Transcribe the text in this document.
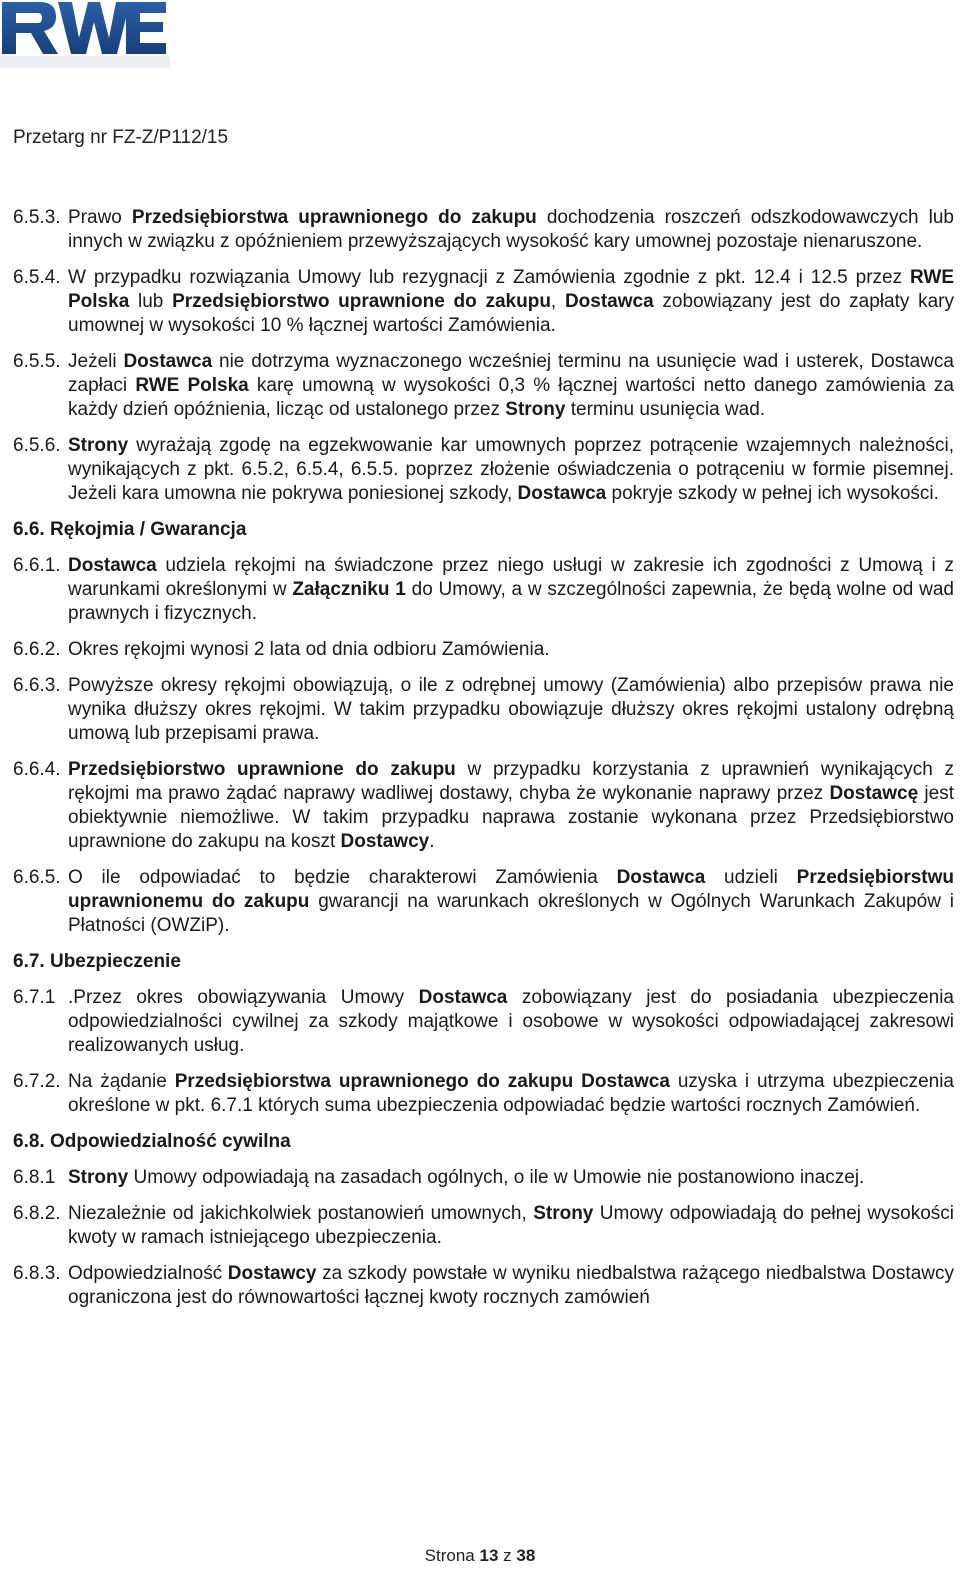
Przetarg nr FZ-Z/P112/15
6.5.3. Prawo Przedsiębiorstwa uprawnionego do zakupu dochodzenia roszczeń odszkodowawczych lub innych w związku z opóźnieniem przewyższających wysokość kary umownej pozostaje nienaruszone.
6.5.4. W przypadku rozwiązania Umowy lub rezygnacji z Zamówienia zgodnie z pkt. 12.4 i 12.5 przez RWE Polska lub Przedsiębiorstwo uprawnione do zakupu, Dostawca zobowiązany jest do zapłaty kary umownej w wysokości 10 % łącznej wartości Zamówienia.
6.5.5. Jeżeli Dostawca nie dotrzyma wyznaczonego wcześniej terminu na usunięcie wad i usterek, Dostawca zapłaci RWE Polska karę umowną w wysokości 0,3 % łącznej wartości netto danego zamówienia za każdy dzień opóźnienia, licząc od ustalonego przez Strony terminu usunięcia wad.
6.5.6. Strony wyrażają zgodę na egzekwowanie kar umownych poprzez potrącenie wzajemnych należności, wynikających z pkt. 6.5.2, 6.5.4, 6.5.5. poprzez złożenie oświadczenia o potrąceniu w formie pisemnej. Jeżeli kara umowna nie pokrywa poniesionej szkody, Dostawca pokryje szkody w pełnej ich wysokości.
6.6. Rękojmia / Gwarancja
6.6.1. Dostawca udziela rękojmi na świadczone przez niego usługi w zakresie ich zgodności z Umową i z warunkami określonymi w Załączniku 1 do Umowy, a w szczególności zapewnia, że będą wolne od wad prawnych i fizycznych.
6.6.2. Okres rękojmi wynosi 2 lata od dnia odbioru Zamówienia.
6.6.3. Powyższe okresy rękojmi obowiązują, o ile z odrębnej umowy (Zamówienia) albo przepisów prawa nie wynika dłuższy okres rękojmi. W takim przypadku obowiązuje dłuższy okres rękojmi ustalony odrębną umową lub przepisami prawa.
6.6.4. Przedsiębiorstwo uprawnione do zakupu w przypadku korzystania z uprawnień wynikających z rękojmi ma prawo żądać naprawy wadliwej dostawy, chyba że wykonanie naprawy przez Dostawcę jest obiektywnie niemożliwe. W takim przypadku naprawa zostanie wykonana przez Przedsiębiorstwo uprawnione do zakupu na koszt Dostawcy.
6.6.5. O ile odpowiadać to będzie charakterowi Zamówienia Dostawca udzieli Przedsiębiorstwu uprawnionemu do zakupu gwarancji na warunkach określonych w Ogólnych Warunkach Zakupów i Płatności (OWZiP).
6.7. Ubezpieczenie
6.7.1 .Przez okres obowiązywania Umowy Dostawca zobowiązany jest do posiadania ubezpieczenia odpowiedzialności cywilnej za szkody majątkowe i osobowe w wysokości odpowiadającej zakresowi realizowanych usług.
6.7.2. Na żądanie Przedsiębiorstwa uprawnionego do zakupu Dostawca uzyska i utrzyma ubezpieczenia określone w pkt. 6.7.1 których suma ubezpieczenia odpowiadać będzie wartości rocznych Zamówień.
6.8. Odpowiedzialność cywilna
6.8.1 Strony Umowy odpowiadają na zasadach ogólnych, o ile w Umowie nie postanowiono inaczej.
6.8.2. Niezależnie od jakichkolwiek postanowień umownych, Strony Umowy odpowiadają do pełnej wysokości kwoty w ramach istniejącego ubezpieczenia.
6.8.3. Odpowiedzialność Dostawcy za szkody powstałe w wyniku niedbalstwa rażącego niedbalstwa Dostawcy ograniczona jest do równowartości łącznej kwoty rocznych zamówień
Strona 13 z 38
